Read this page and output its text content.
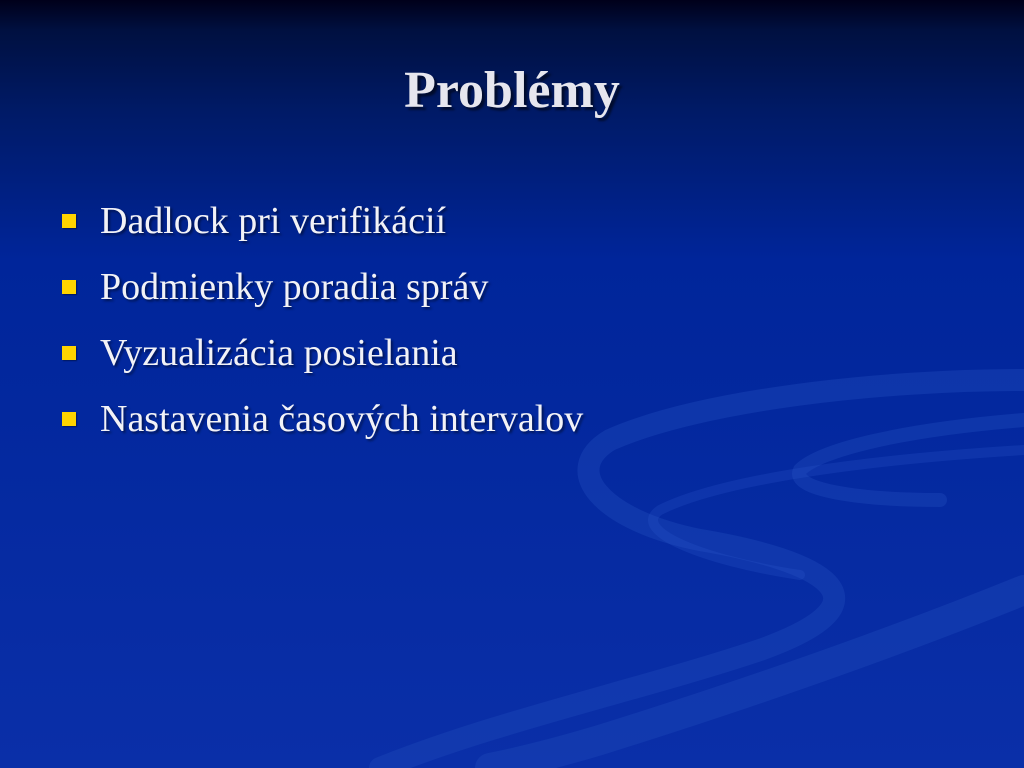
Problémy
Dadlock pri verifikácií
Podmienky poradia správ
Vyzualizácia posielania
Nastavenia časových intervalov
